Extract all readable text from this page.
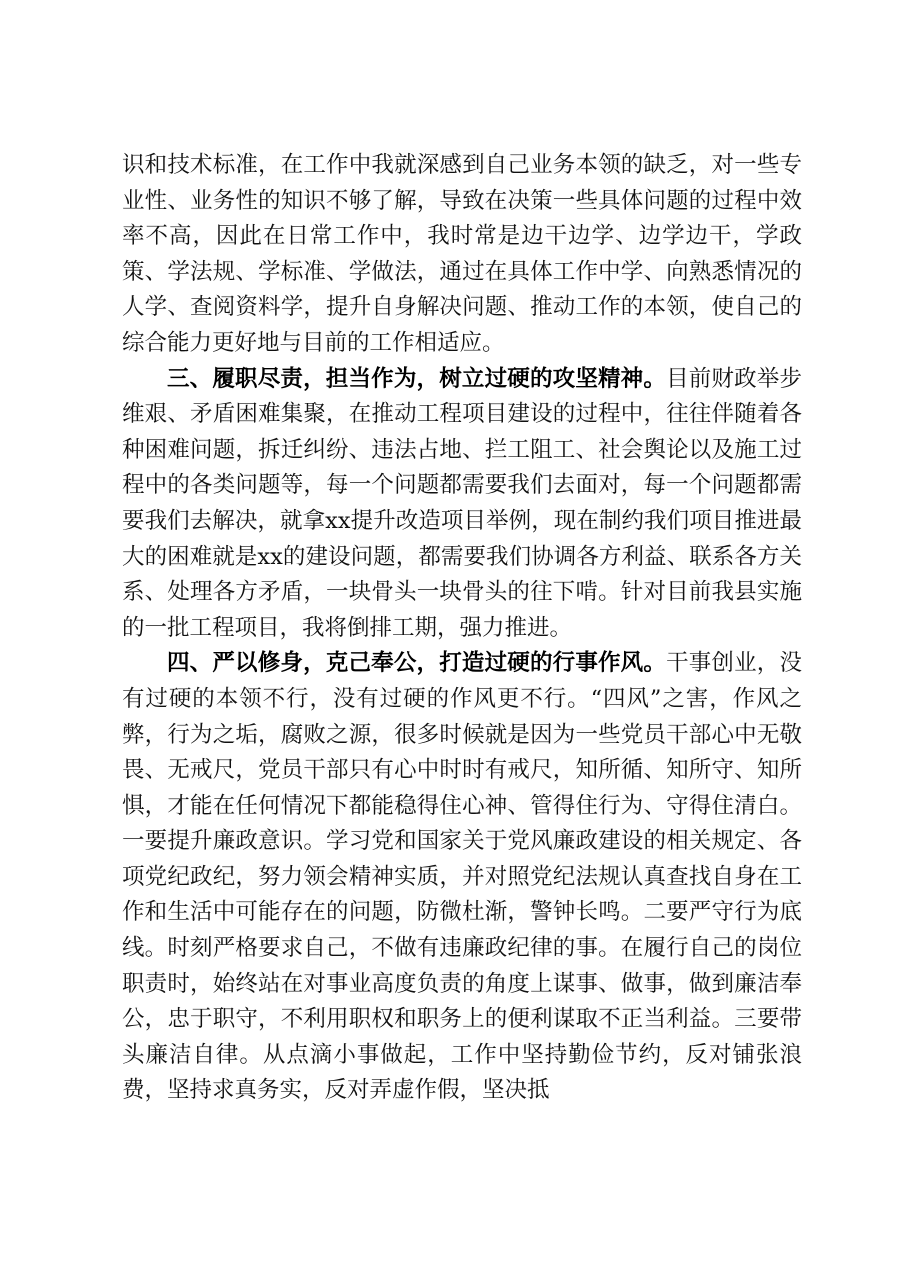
识和技术标准，在工作中我就深感到自己业务本领的缺乏，对一些专业性、业务性的知识不够了解，导致在决策一些具体问题的过程中效率不高，因此在日常工作中，我时常是边干边学、边学边干，学政策、学法规、学标准、学做法，通过在具体工作中学、向熟悉情况的人学、查阅资料学，提升自身解决问题、推动工作的本领，使自己的综合能力更好地与目前的工作相适应。

三、履职尽责，担当作为，树立过硬的攻坚精神。目前财政举步维艰、矛盾困难集聚，在推动工程项目建设的过程中，往往伴随着各种困难问题，拆迁纠纷、违法占地、拦工阻工、社会舆论以及施工过程中的各类问题等，每一个问题都需要我们去面对，每一个问题都需要我们去解决，就拿xx提升改造项目举例，现在制约我们项目推进最大的困难就是xx的建设问题，都需要我们协调各方利益、联系各方关系、处理各方矛盾，一块骨头一块骨头的往下啃。针对目前我县实施的一批工程项目，我将倒排工期，强力推进。

四、严以修身，克己奉公，打造过硬的行事作风。干事创业，没有过硬的本领不行，没有过硬的作风更不行。“四风”之害，作风之弊，行为之垢，腐败之源，很多时候就是因为一些党员干部心中无敬畏、无戒尺，党员干部只有心中时时有戒尺，知所循、知所守、知所惧，才能在任何情况下都能稳得住心神、管得住行为、守得住清白。一要提升廉政意识。学习党和国家关于党风廉政建设的相关规定、各项党纪政纪，努力领会精神实质，并对照党纪法规认真查找自身在工作和生活中可能存在的问题，防微杜渐，警钟长鸣。二要严守行为底线。时刻严格要求自己，不做有违廉政纪律的事。在履行自己的岗位职责时，始终站在对事业高度负责的角度上谋事、做事，做到廉洁奉公，忠于职守，不利用职权和职务上的便利谋取不正当利益。三要带头廉洁自律。从点滴小事做起，工作中坚持勤俭节约，反对铺张浪费，坚持求真务实，反对弄虚作假，坚决抵
